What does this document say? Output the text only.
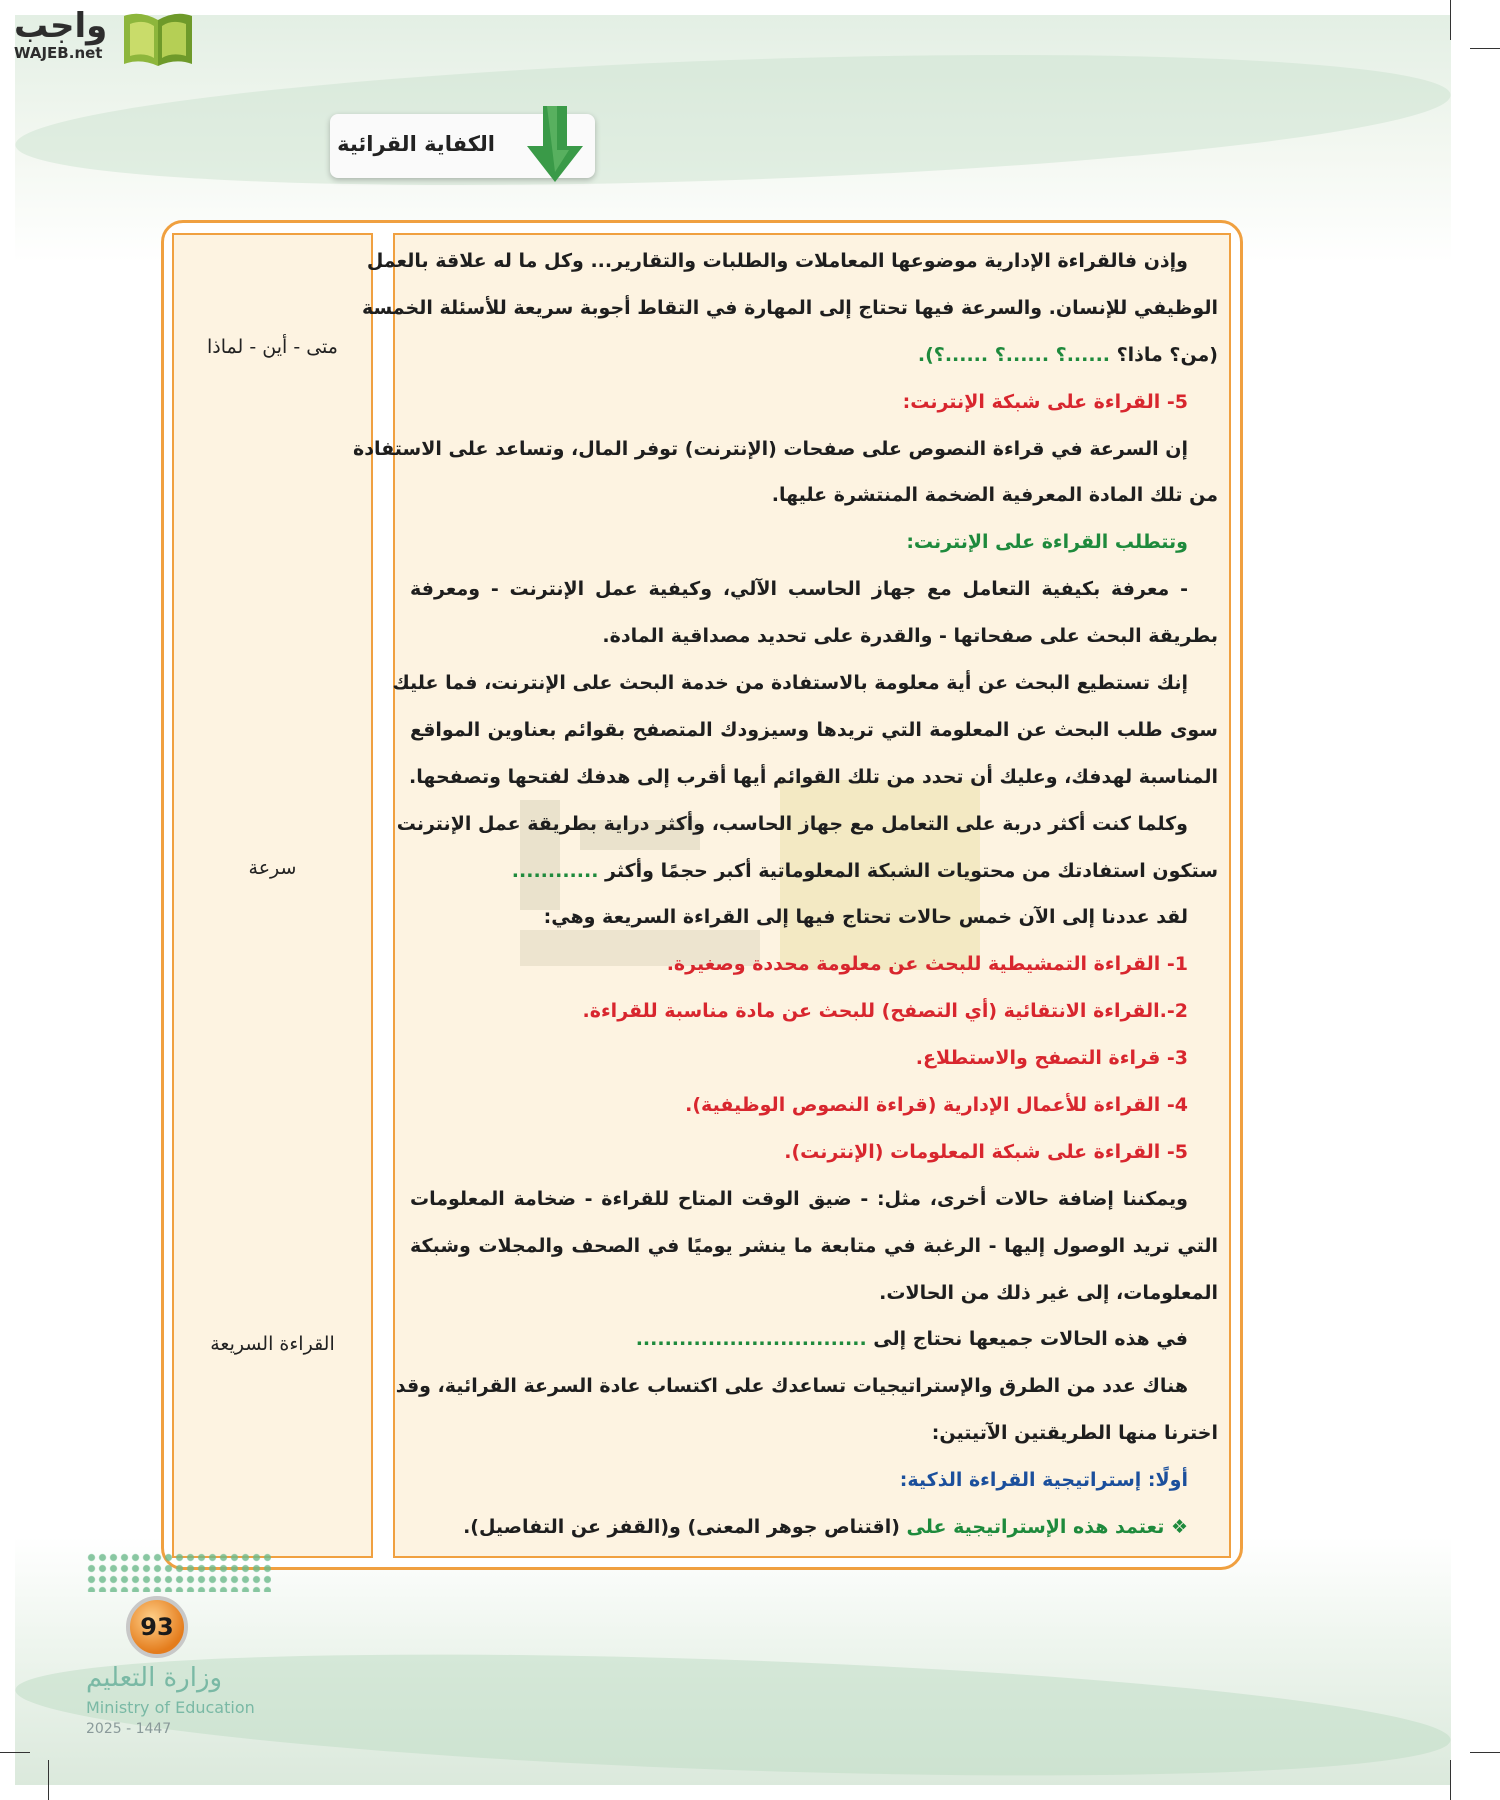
واجب
WAJEB.net
الكفاية القرائية
متى - أين - لماذا
سرعة
القراءة السريعة
وإذن فالقراءة الإدارية موضوعها المعاملات والطلبات والتقارير... وكل ما له علاقة بالعمل
الوظيفي للإنسان. والسرعة فيها تحتاج إلى المهارة في التقاط أجوبة سريعة للأسئلة الخمسة
(من؟ ماذا؟ ......؟ ......؟ ......؟).
5- القراءة على شبكة الإنترنت:
إن السرعة في قراءة النصوص على صفحات (الإنترنت) توفر المال، وتساعد على الاستفادة
من تلك المادة المعرفية الضخمة المنتشرة عليها.
وتتطلب القراءة على الإنترنت:
- معرفة بكيفية التعامل مع جهاز الحاسب الآلي، وكيفية عمل الإنترنت - ومعرفة
بطريقة البحث على صفحاتها - والقدرة على تحديد مصداقية المادة.
إنك تستطيع البحث عن أية معلومة بالاستفادة من خدمة البحث على الإنترنت، فما عليك
سوى طلب البحث عن المعلومة التي تريدها وسيزودك المتصفح بقوائم بعناوين المواقع
المناسبة لهدفك، وعليك أن تحدد من تلك القوائم أيها أقرب إلى هدفك لفتحها وتصفحها.
وكلما كنت أكثر دربة على التعامل مع جهاز الحاسب، وأكثر دراية بطريقة عمل الإنترنت
ستكون استفادتك من محتويات الشبكة المعلوماتية أكبر حجمًا وأكثر ............
لقد عددنا إلى الآن خمس حالات تحتاج فيها إلى القراءة السريعة وهي:
1- القراءة التمشيطية للبحث عن معلومة محددة وصغيرة.
2-.القراءة الانتقائية (أي التصفح) للبحث عن مادة مناسبة للقراءة.
3- قراءة التصفح والاستطلاع.
4- القراءة للأعمال الإدارية (قراءة النصوص الوظيفية).
5- القراءة على شبكة المعلومات (الإنترنت).
ويمكننا إضافة حالات أخرى، مثل: - ضيق الوقت المتاح للقراءة - ضخامة المعلومات
التي تريد الوصول إليها - الرغبة في متابعة ما ينشر يوميًا في الصحف والمجلات وشبكة
المعلومات، إلى غير ذلك من الحالات.
في هذه الحالات جميعها نحتاج إلى ................................
هناك عدد من الطرق والإستراتيجيات تساعدك على اكتساب عادة السرعة القرائية، وقد
اخترنا منها الطريقتين الآتيتين:
أولًا: إستراتيجية القراءة الذكية:
❖ تعتمد هذه الإستراتيجية على (اقتناص جوهر المعنى) و(القفز عن التفاصيل).
93
وزارة التعليم
Ministry of Education
2025 - 1447
